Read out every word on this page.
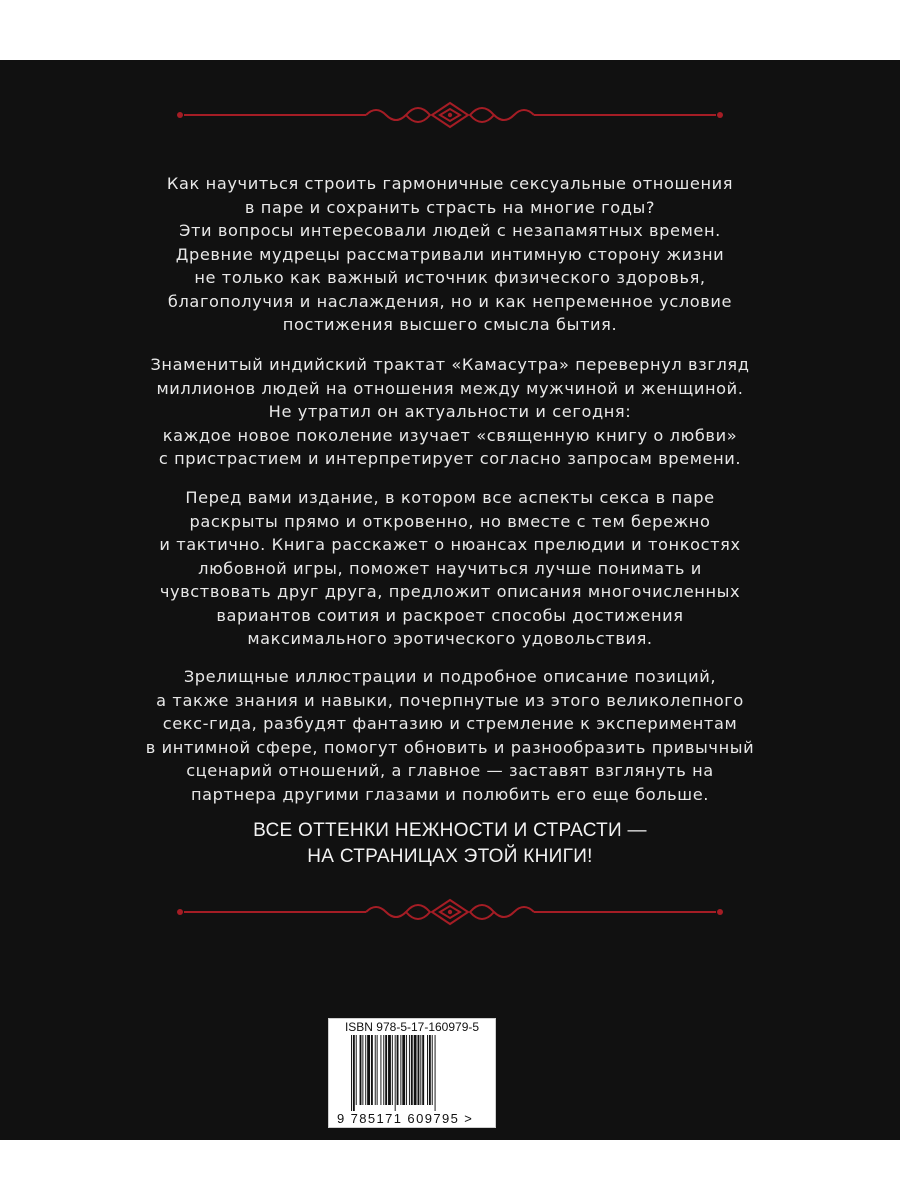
Как научиться строить гармоничные сексуальные отношения
в паре и сохранить страсть на многие годы?
Эти вопросы интересовали людей с незапамятных времен.
Древние мудрецы рассматривали интимную сторону жизни
не только как важный источник физического здоровья,
благополучия и наслаждения, но и как непременное условие
постижения высшего смысла бытия.
Знаменитый индийский трактат «Камасутра» перевернул взгляд
миллионов людей на отношения между мужчиной и женщиной.
Не утратил он актуальности и сегодня:
каждое новое поколение изучает «священную книгу о любви»
с пристрастием и интерпретирует согласно запросам времени.
Перед вами издание, в котором все аспекты секса в паре
раскрыты прямо и откровенно, но вместе с тем бережно
и тактично. Книга расскажет о нюансах прелюдии и тонкостях
любовной игры, поможет научиться лучше понимать и
чувствовать друг друга, предложит описания многочисленных
вариантов соития и раскроет способы достижения
максимального эротического удовольствия.
Зрелищные иллюстрации и подробное описание позиций,
а также знания и навыки, почерпнутые из этого великолепного
секс-гида, разбудят фантазию и стремление к экспериментам
в интимной сфере, помогут обновить и разнообразить привычный
сценарий отношений, а главное — заставят взглянуть на
партнера другими глазами и полюбить его еще больше.
ВСЕ ОТТЕНКИ НЕЖНОСТИ И СТРАСТИ —
НА СТРАНИЦАХ ЭТОЙ КНИГИ!
ISBN 978-5-17-160979-5
9 785171 609795 >
